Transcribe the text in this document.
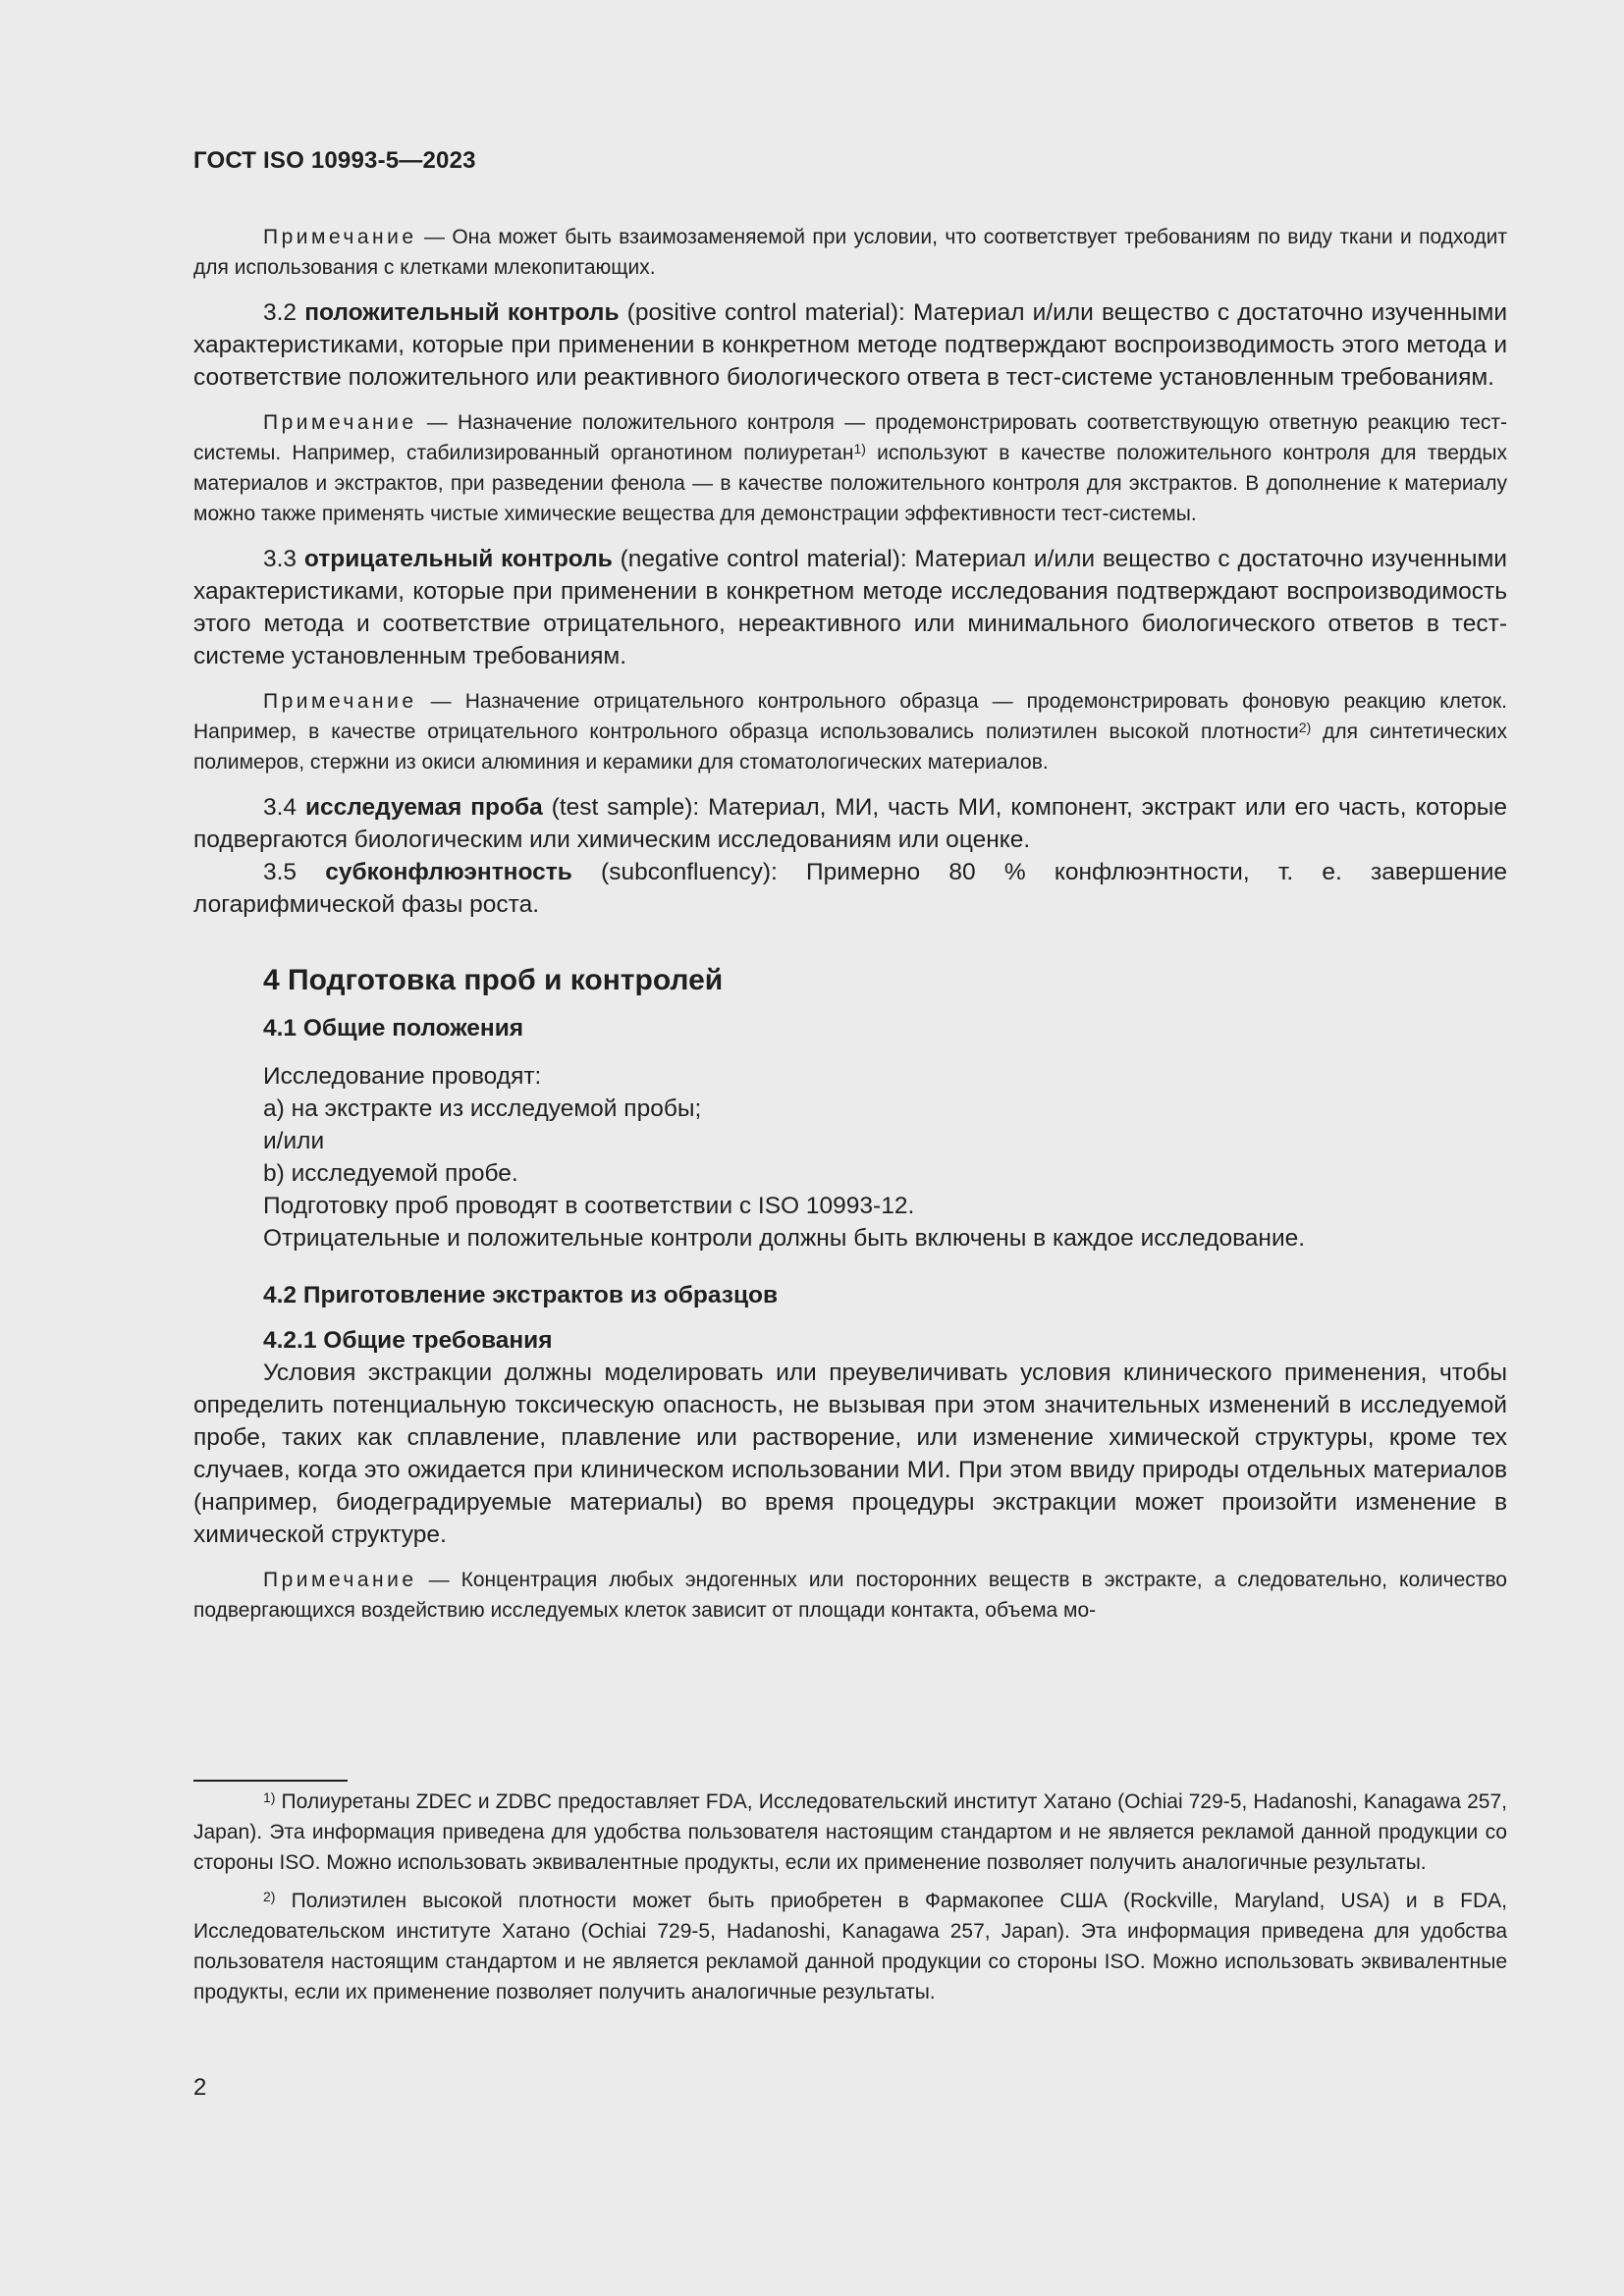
ГОСТ ISO 10993-5—2023

Примечание — Она может быть взаимозаменяемой при условии, что соответствует требованиям по виду ткани и подходит для использования с клетками млекопитающих.

3.2 положительный контроль (positive control material): Материал и/или вещество с достаточно изученными характеристиками, которые при применении в конкретном методе подтверждают воспроизводимость этого метода и соответствие положительного или реактивного биологического ответа в тест-системе установленным требованиям.

Примечание — Назначение положительного контроля — продемонстрировать соответствующую ответную реакцию тест-системы. Например, стабилизированный органотином полиуретан$^{1)}$ используют в качестве положительного контроля для твердых материалов и экстрактов, при разведении фенола — в качестве положительного контроля для экстрактов. В дополнение к материалу можно также применять чистые химические вещества для демонстрации эффективности тест-системы.

3.3 отрицательный контроль (negative control material): Материал и/или вещество с достаточно изученными характеристиками, которые при применении в конкретном методе исследования подтверждают воспроизводимость этого метода и соответствие отрицательного, нереактивного или минимального биологического ответов в тест-системе установленным требованиям.

Примечание — Назначение отрицательного контрольного образца — продемонстрировать фоновую реакцию клеток. Например, в качестве отрицательного контрольного образца использовались полиэтилен высокой плотности$^{2)}$ для синтетических полимеров, стержни из окиси алюминия и керамики для стоматологических материалов.

3.4 исследуемая проба (test sample): Материал, МИ, часть МИ, компонент, экстракт или его часть, которые подвергаются биологическим или химическим исследованиям или оценке.

3.5 субконфлюэнтность (subconfluency): Примерно 80 % конфлюэнтности, т. е. завершение логарифмической фазы роста.

4 Подготовка проб и контролей
4.1 Общие положения

Исследование проводят:

a) на экстракте из исследуемой пробы;

и/или

b) исследуемой пробе.

Подготовку проб проводят в соответствии с ISO 10993-12.

Отрицательные и положительные контроли должны быть включены в каждое исследование.

4.2 Приготовление экстрактов из образцов
4.2.1 Общие требования

Условия экстракции должны моделировать или преувеличивать условия клинического применения, чтобы определить потенциальную токсическую опасность, не вызывая при этом значительных изменений в исследуемой пробе, таких как сплавление, плавление или растворение, или изменение химической структуры, кроме тех случаев, когда это ожидается при клиническом использовании МИ. При этом ввиду природы отдельных материалов (например, биодеградируемые материалы) во время процедуры экстракции может произойти изменение в химической структуре.

Примечание — Концентрация любых эндогенных или посторонних веществ в экстракте, а следовательно, количество подвергающихся воздействию исследуемых клеток зависит от площади контакта, объема мо-

$^{1)}$ Полиуретаны ZDEC и ZDBC предоставляет FDA, Исследовательский институт Хатано (Ochiai 729-5, Hadanoshi, Kanagawa 257, Japan). Эта информация приведена для удобства пользователя настоящим стандартом и не является рекламой данной продукции со стороны ISO. Можно использовать эквивалентные продукты, если их применение позволяет получить аналогичные результаты.

$^{2)}$ Полиэтилен высокой плотности может быть приобретен в Фармакопее США (Rockville, Maryland, USA) и в FDA, Исследовательском институте Хатано (Ochiai 729-5, Hadanoshi, Kanagawa 257, Japan). Эта информация приведена для удобства пользователя настоящим стандартом и не является рекламой данной продукции со стороны ISO. Можно использовать эквивалентные продукты, если их применение позволяет получить аналогичные результаты.

2
